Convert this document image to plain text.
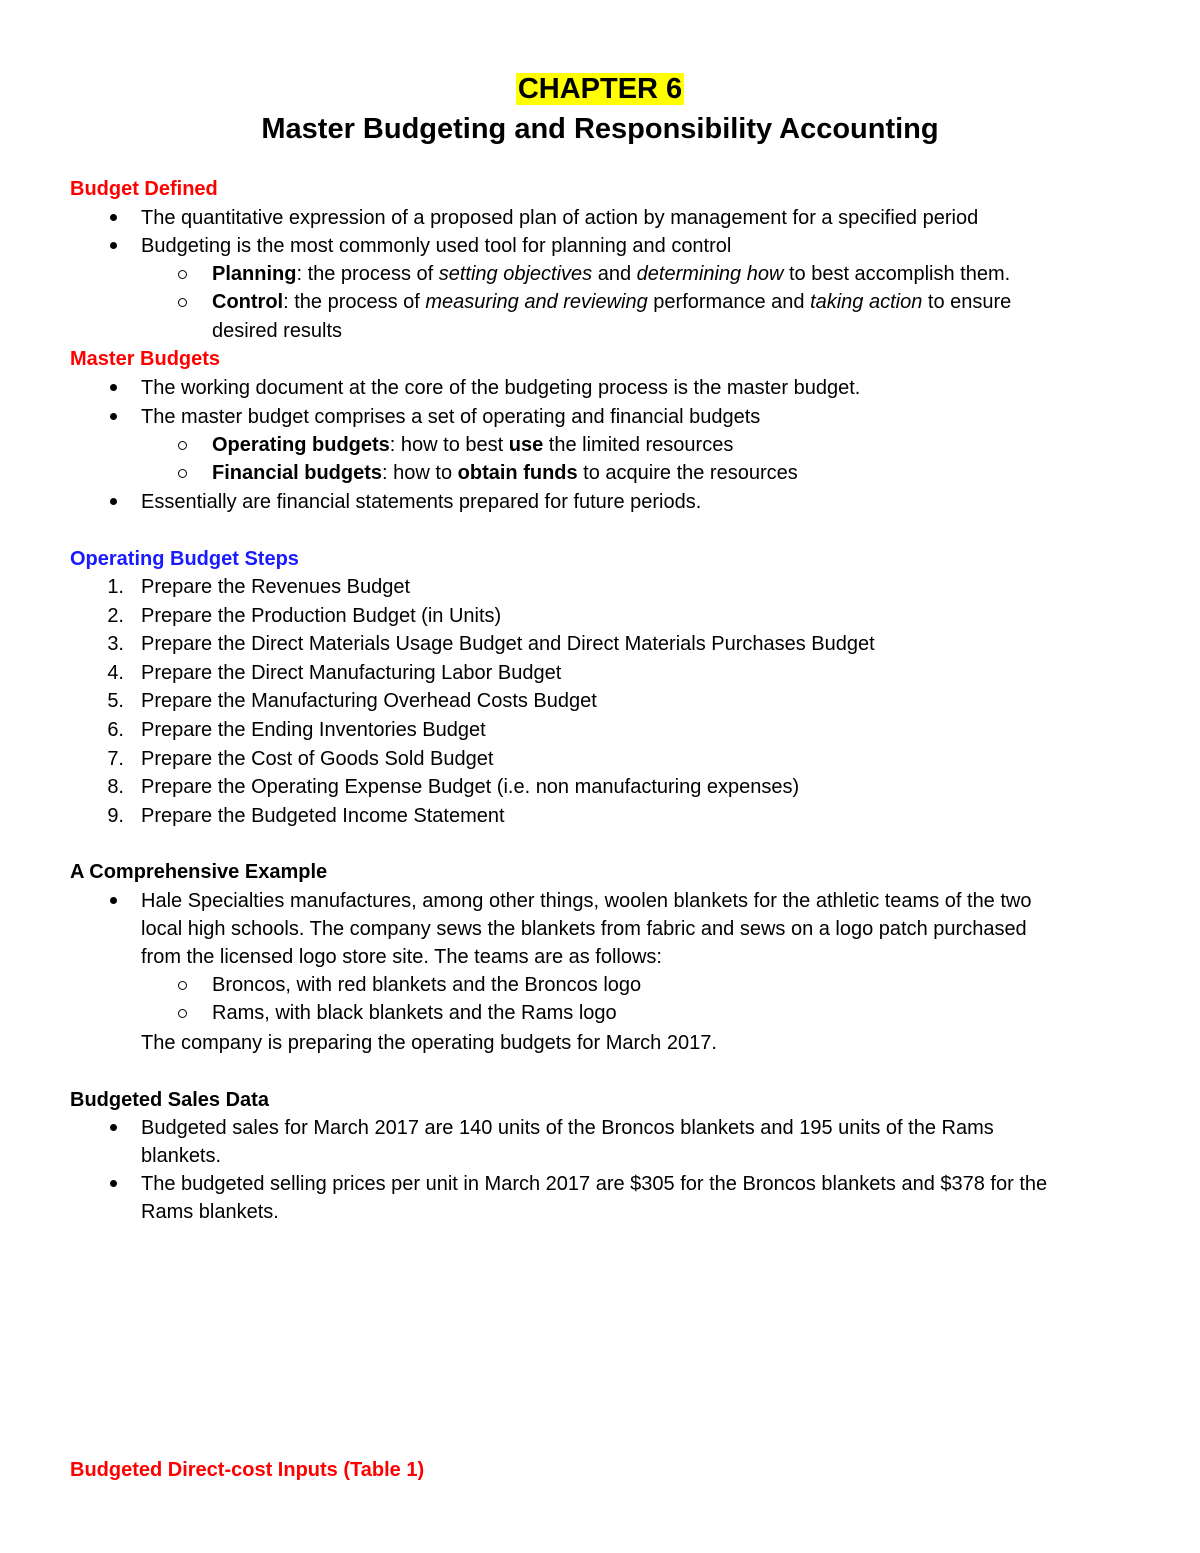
CHAPTER 6
Master Budgeting and Responsibility Accounting
Budget Defined
The quantitative expression of a proposed plan of action by management for a specified period
Budgeting is the most commonly used tool for planning and control
Planning: the process of setting objectives and determining how to best accomplish them.
Control: the process of measuring and reviewing performance and taking action to ensure
desired results
Master Budgets
The working document at the core of the budgeting process is the master budget.
The master budget comprises a set of operating and financial budgets
Operating budgets: how to best use the limited resources
Financial budgets: how to obtain funds to acquire the resources
Essentially are financial statements prepared for future periods.
Operating Budget Steps
1. Prepare the Revenues Budget
2. Prepare the Production Budget (in Units)
3. Prepare the Direct Materials Usage Budget and Direct Materials Purchases Budget
4. Prepare the Direct Manufacturing Labor Budget
5. Prepare the Manufacturing Overhead Costs Budget
6. Prepare the Ending Inventories Budget
7. Prepare the Cost of Goods Sold Budget
8. Prepare the Operating Expense Budget (i.e. non manufacturing expenses)
9. Prepare the Budgeted Income Statement
A Comprehensive Example
Hale Specialties manufactures, among other things, woolen blankets for the athletic teams of the two
local high schools. The company sews the blankets from fabric and sews on a logo patch purchased
from the licensed logo store site. The teams are as follows:
Broncos, with red blankets and the Broncos logo
Rams, with black blankets and the Rams logo
The company is preparing the operating budgets for March 2017.
Budgeted Sales Data
Budgeted sales for March 2017 are 140 units of the Broncos blankets and 195 units of the Rams
blankets.
The budgeted selling prices per unit in March 2017 are $305 for the Broncos blankets and $378 for the
Rams blankets.
Budgeted Direct-cost Inputs (Table 1)
